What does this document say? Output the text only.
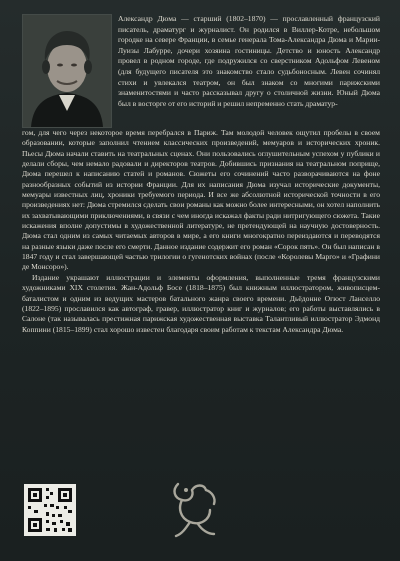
Александр Дюма — старший (1802–1870) — прославленный французский писатель, драматург и журналист. Он родился в Виллер-Котре, небольшом городке на севере Франции, в семье генерала Тома-Александра Дюма и Марии-Луизы Лабурре, дочери хозяина гостиницы. Детство и юность Александр провел в родном городе, где подружился со сверстником Адольфом Левеном (для будущего писателя это знакомство стало судьбоносным. Левен сочинял стихи и увлекался театром, он был знаком со многими парижскими знаменитостями и часто рассказывал другу о столичной жизни. Юный Дюма был в восторге от его историй и решил непременно стать драматур-

гом, для чего через некоторое время перебрался в Париж. Там молодой человек ощутил пробелы в своем образовании, которые заполнил чтением классических произведений, мемуаров и исторических хроник. Пьесы Дюма начали ставить на театральных сценах. Они пользовались оглушительным успехом у публики и делали сборы, чем немало радовали и директоров театров. Добившись признания на театральном поприще, Дюма перешел к написанию статей и романов. Сюжеты его сочинений часто разворачиваются на фоне разнообразных событий из истории Франции. Для их написания Дюма изучал исторические документы, мемуары известных лиц, хроники требуемого периода. И все же абсолютной исторической точности в его произведениях нет: Дюма стремился сделать свои романы как можно более интересными, он хотел наполнить их захватывающими приключениями, в связи с чем иногда искажал факты ради нитригующего сюжета. Такие искажения вполне допустимы в художественной литературе, не претендующей на научную достоверность. Дюма стал одним из самых читаемых авторов в мире, а его книги многократно переиздаются и переводятся на разные языки даже после его смерти. Данное издание содержит его роман «Сорок пять». Он был написан в 1847 году и стал завершающей частью трилогии о гугенотских войнах (после «Королевы Марго» и «Графини де Монсоро»).

Издание украшают иллюстрации и элементы оформления, выполненные тремя французскими художниками XIX столетия. Жан-Адольф Босе (1818–1875) был книжным иллюстратором, живописцем-баталистом и одним из ведущих мастеров батального жанра своего времени. Дьёдонне Огюст Ланселло (1822–1895) прославился как автограф, гравер, иллюстратор книг и журналов; его работы выставлялись в Салоне (так называлась престижная парижская художественная выставка Талантливый иллюстратор Эдмонд Коппини (1815–1899) стал хорошо известен благодаря своим работам к текстам Александра Дюма.
